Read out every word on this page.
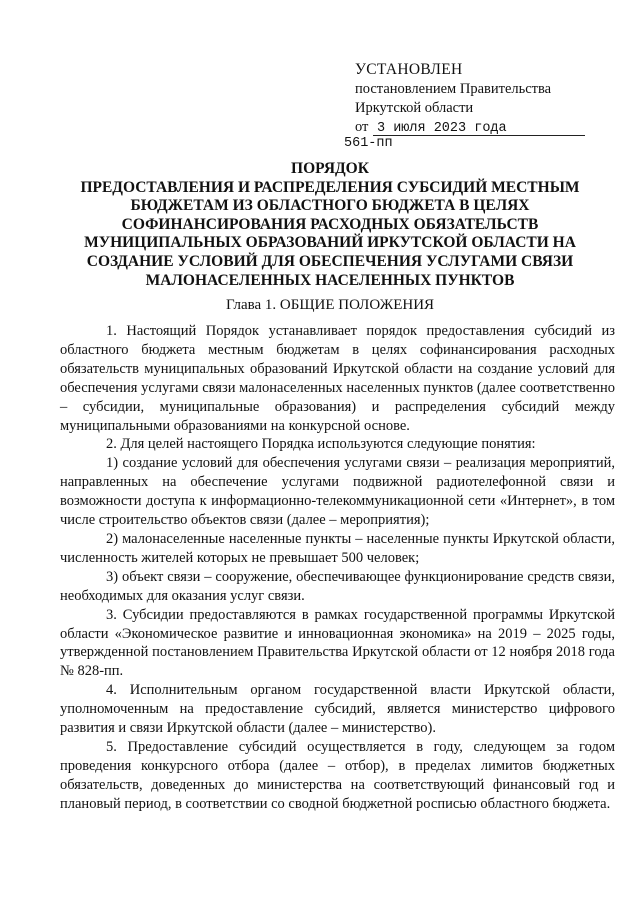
УСТАНОВЛЕН
постановлением Правительства
Иркутской области
от 3 июля 2023 года
561-пп

ПОРЯДОК

ПРЕДОСТАВЛЕНИЯ И РАСПРЕДЕЛЕНИЯ СУБСИДИЙ МЕСТНЫМ

БЮДЖЕТАМ ИЗ ОБЛАСТНОГО БЮДЖЕТА В ЦЕЛЯХ

СОФИНАНСИРОВАНИЯ РАСХОДНЫХ ОБЯЗАТЕЛЬСТВ

МУНИЦИПАЛЬНЫХ ОБРАЗОВАНИЙ ИРКУТСКОЙ ОБЛАСТИ НА

СОЗДАНИЕ УСЛОВИЙ ДЛЯ ОБЕСПЕЧЕНИЯ УСЛУГАМИ СВЯЗИ

МАЛОНАСЕЛЕННЫХ НАСЕЛЕННЫХ ПУНКТОВ

Глава 1. ОБЩИЕ ПОЛОЖЕНИЯ

1. Настоящий Порядок устанавливает порядок предоставления субсидий из областного бюджета местным бюджетам в целях софинансирования расходных обязательств муниципальных образований Иркутской области на создание условий для обеспечения услугами связи малонаселенных населенных пунктов (далее соответственно – субсидии, муниципальные образования) и распределения субсидий между муниципальными образованиями на конкурсной основе.

2. Для целей настоящего Порядка используются следующие понятия:

1) создание условий для обеспечения услугами связи – реализация мероприятий, направленных на обеспечение услугами подвижной радиотелефонной связи и возможности доступа к информационно-телекоммуникационной сети «Интернет», в том числе строительство объектов связи (далее – мероприятия);

2) малонаселенные населенные пункты – населенные пункты Иркутской области, численность жителей которых не превышает 500 человек;

3) объект связи – сооружение, обеспечивающее функционирование средств связи, необходимых для оказания услуг связи.

3. Субсидии предоставляются в рамках государственной программы Иркутской области «Экономическое развитие и инновационная экономика» на 2019 – 2025 годы, утвержденной постановлением Правительства Иркутской области от 12 ноября 2018 года № 828-пп.

4. Исполнительным органом государственной власти Иркутской области, уполномоченным на предоставление субсидий, является министерство цифрового развития и связи Иркутской области (далее – министерство).

5. Предоставление субсидий осуществляется в году, следующем за годом проведения конкурсного отбора (далее – отбор), в пределах лимитов бюджетных обязательств, доведенных до министерства на соответствующий финансовый год и плановый период, в соответствии со сводной бюджетной росписью областного бюджета.
